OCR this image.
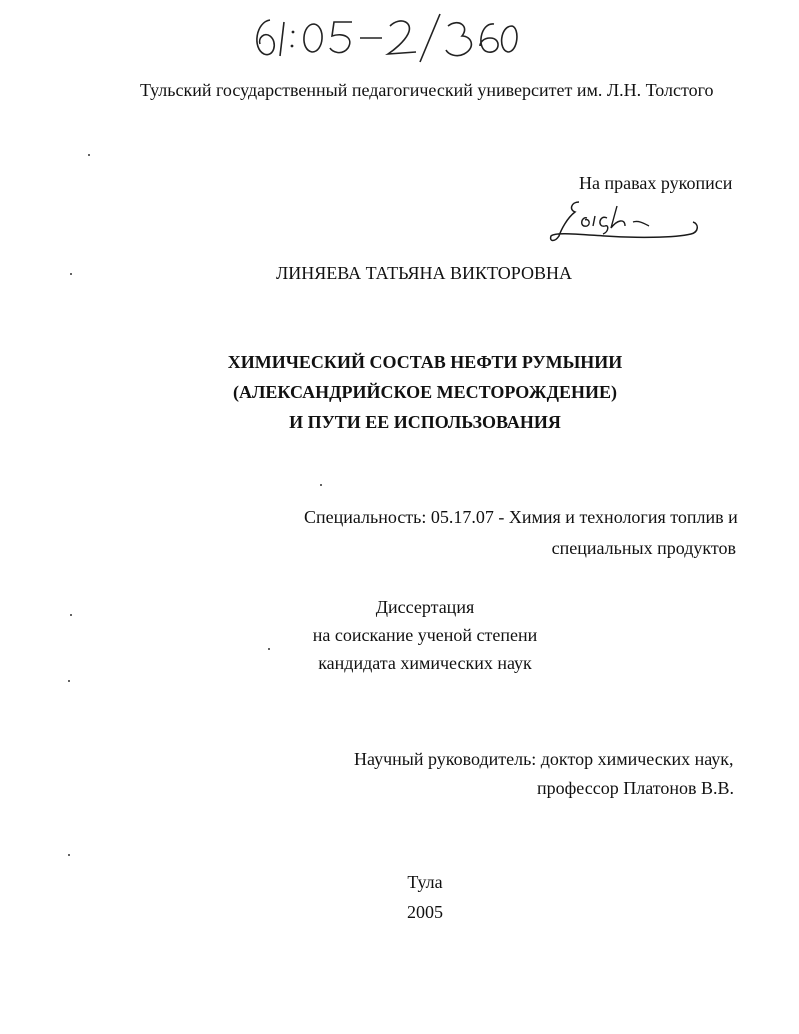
Тульский государственный педагогический университет им. Л.Н. Толстого
На правах рукописи
ЛИНЯЕВА ТАТЬЯНА ВИКТОРОВНА
ХИМИЧЕСКИЙ СОСТАВ НЕФТИ РУМЫНИИ
(АЛЕКСАНДРИЙСКОЕ МЕСТОРОЖДЕНИЕ)
И ПУТИ ЕЕ ИСПОЛЬЗОВАНИЯ
Специальность: 05.17.07 - Химия и технология топлив и
специальных продуктов
Диссертация
на соискание ученой степени
кандидата химических наук
Научный руководитель: доктор химических наук,
профессор Платонов В.В.
Тула
2005
